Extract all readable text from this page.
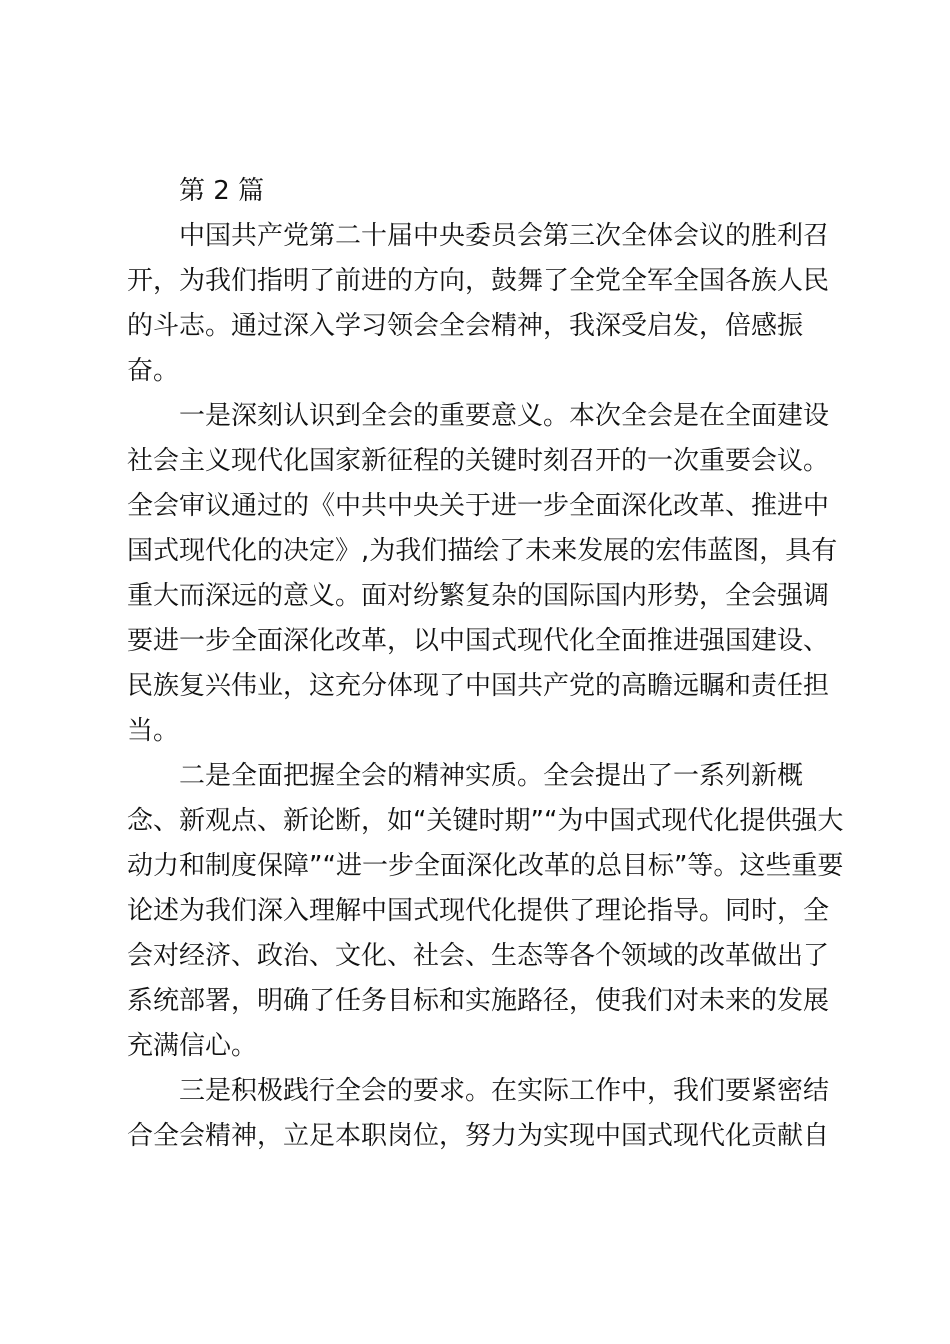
第 2 篇
中国共产党第二十届中央委员会第三次全体会议的胜利召
开，为我们指明了前进的方向，鼓舞了全党全军全国各族人民
的斗志。通过深入学习领会全会精神，我深受启发，倍感振
奋。
一是深刻认识到全会的重要意义。本次全会是在全面建设
社会主义现代化国家新征程的关键时刻召开的一次重要会议。
全会审议通过的《中共中央关于进一步全面深化改革、推进中
国式现代化的决定》,为我们描绘了未来发展的宏伟蓝图，具有
重大而深远的意义。面对纷繁复杂的国际国内形势，全会强调
要进一步全面深化改革，以中国式现代化全面推进强国建设、
民族复兴伟业，这充分体现了中国共产党的高瞻远瞩和责任担
当。
二是全面把握全会的精神实质。全会提出了一系列新概
念、新观点、新论断，如“关键时期”“为中国式现代化提供强大
动力和制度保障”“进一步全面深化改革的总目标”等。这些重要
论述为我们深入理解中国式现代化提供了理论指导。同时，全
会对经济、政治、文化、社会、生态等各个领域的改革做出了
系统部署，明确了任务目标和实施路径，使我们对未来的发展
充满信心。
三是积极践行全会的要求。在实际工作中，我们要紧密结
合全会精神，立足本职岗位，努力为实现中国式现代化贡献自
